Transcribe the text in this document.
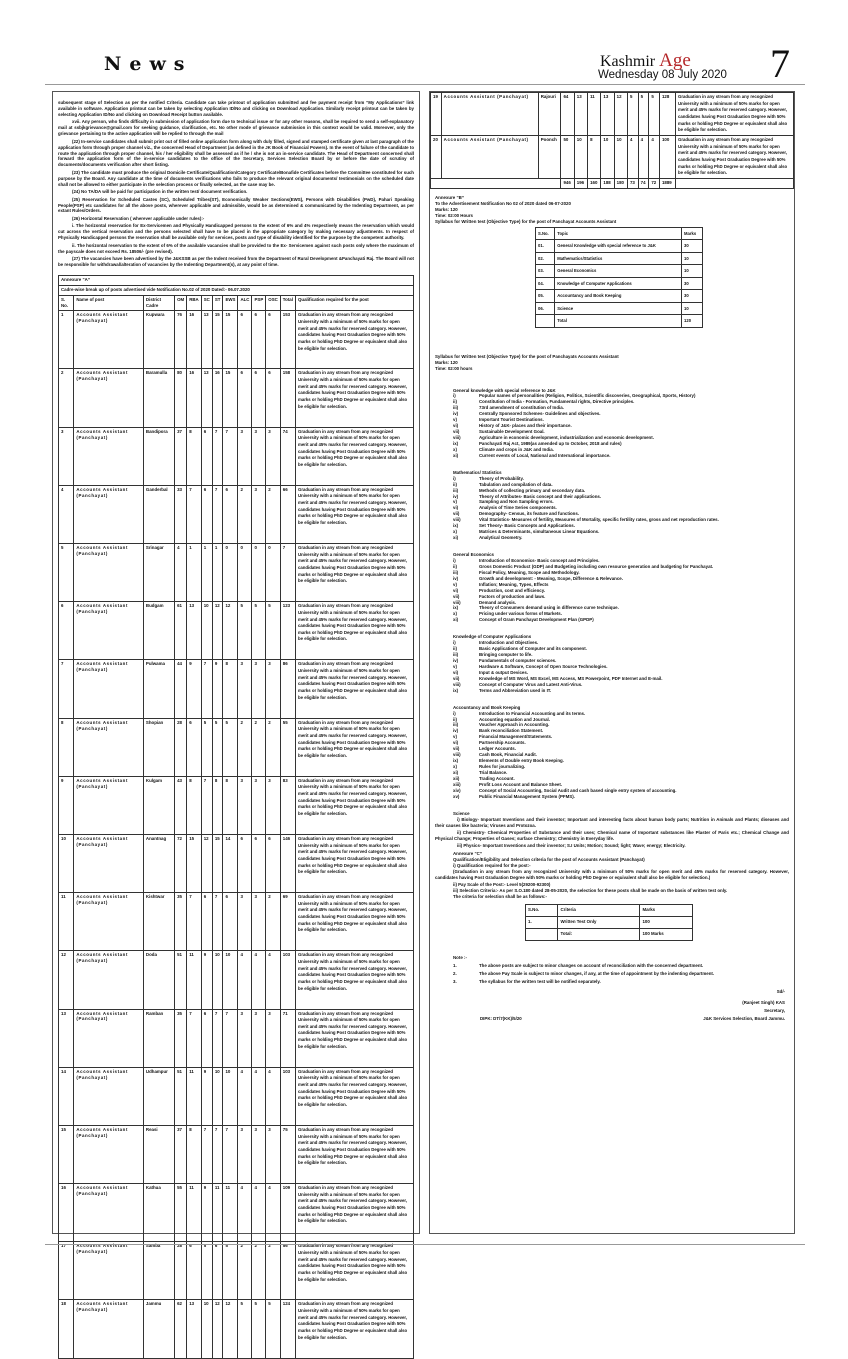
News	Kashmir Age
Wednesday 08 July 2020 7

subsequent stage of Selection as per the notified Criteria. Candidate can take printout of application submitted and fee payment receipt from “My Applications” link available in software. Application printout can be taken by selecting Application ID/No and clicking on Download Application. Similarly receipt printout can be taken by selecting Application ID/No and clicking on Download Receipt button available.

xvii. Any person, who finds difficulty in submission of application form due to technical issue or for any other reasons, shall be required to send a self-explanatory mail at ssbjkgrievance@gmail.com for seeking guidance, clarification, etc. No other mode of grievance submission in this context would be valid. Moreover, only the grievance pertaining to the active application will be replied to through the mail

(22) In-service candidates shall submit print out of filled online application form along with duly filled, signed and stamped certificate given at last paragraph of the application form through proper channel viz., the concerned Head of Department (as defined in the JK Book of Financial Powers). In the event of failure of the candidate to route the application through proper channel, his / her eligibility shall be assessed as if he / she is not an in-service candidate. The Head of Department concerned shall forward the application form of the in-service candidates to the office of the Secretary, Services Selection Board by or before the date of scrutiny of documents/documents verification after short listing.

(23) The candidate must produce the original Domicile Certificate/Qualification/Category Certificate/Bonafide Certificates before the Committee constituted for such purpose by the Board. Any candidate at the time of documents verifications who fails to produce the relevant original documents/ testimonials on the scheduled date shall not be allowed to either participate in the selection process or finally selected, as the case may be.

(24) No TA/DA will be paid for participation in the written test/ document verification.

(25) Reservation for Scheduled Castes (SC), Scheduled Tribes(ST), Economically Weaker Sections(EWS), Persons with Disabilities (PwD), Pahari Speaking People(PSP) etc candidates for all the above posts, wherever applicable and admissible, would be as determined & communicated by the Indenting Department, as per extant Rules/Orders.

(26) Horizontal Reservation ( wherever applicable under rules):-

i. The horizontal reservation for Ex-Servicemen and Physically Handicapped persons to the extent of 6% and 4% respectively means the reservation which would cut across the vertical reservation and the persons selected shall have to be placed in the appropriate category by making necessary adjustments. In respect of Physically Handicapped persons the reservation shall be available only for services, posts and type of disability identified for the purpose by the competent authority.

ii. The horizontal reservation to the extent of 6% of the available vacancies shall be provided to the Ex- Servicemen against such posts only where the maximum of the payscale does not exceed Rs. 18506/- (pre revised).

(27) The vacancies have been advertised by the J&KSSB as per the Indent received from the Department of Rural Development &Panchayati Raj. The Board will not be responsible for withdrawal/alteration of vacancies by the Indenting Department(s), at any point of time.

Annexure “A”												
Cadre-wise break up of posts advertised vide Notification No.02 of 2020 Dated:- 06.07.2020												
S. No.	Name of post	District Cadre	OM	RBA	SC	ST	EWS	ALC	PSP	OSC	Total	Qualification required for the post
1	Accounts Assistant (Panchayat)	Kupwara	76	16	13	15	15	6	6	6	153	Graduation in any stream from any recognized University with a minimum of 50% marks for open merit and 45% marks for reserved category. However, candidates having Post Graduation Degree with 50% marks or holding PhD Degree or equivalent shall also be eligible for selection.
2	Accounts Assistant (Panchayat)	Baramulla	80	16	13	16	15	6	6	6	158	Graduation in any stream from any recognized University with a minimum of 50% marks for open merit and 45% marks for reserved category. However, candidates having Post Graduation Degree with 50% marks or holding PhD Degree or equivalent shall also be eligible for selection.
3	Accounts Assistant (Panchayat)	Bandipora	37	8	6	7	7	3	3	3	74	Graduation in any stream from any recognized University with a minimum of 50% marks for open merit and 45% marks for reserved category. However, candidates having Post Graduation Degree with 50% marks or holding PhD Degree or equivalent shall also be eligible for selection.
4	Accounts Assistant (Panchayat)	Ganderbal	33	7	6	7	6	2	3	2	66	Graduation in any stream from any recognized University with a minimum of 50% marks for open merit and 45% marks for reserved category. However, candidates having Post Graduation Degree with 50% marks or holding PhD Degree or equivalent shall also be eligible for selection.
5	Accounts Assistant (Panchayat)	Srinagar	4	1	1	1	0	0	0	0	7	Graduation in any stream from any recognized University with a minimum of 50% marks for open merit and 45% marks for reserved category. However, candidates having Post Graduation Degree with 50% marks or holding PhD Degree or equivalent shall also be eligible for selection.
6	Accounts Assistant (Panchayat)	Budgam	61	13	10	12	12	5	5	5	123	Graduation in any stream from any recognized University with a minimum of 50% marks for open merit and 45% marks for reserved category. However, candidates having Post Graduation Degree with 50% marks or holding PhD Degree or equivalent shall also be eligible for selection.
7	Accounts Assistant (Panchayat)	Pulwama	44	9	7	9	8	3	3	3	86	Graduation in any stream from any recognized University with a minimum of 50% marks for open merit and 45% marks for reserved category. However, candidates having Post Graduation Degree with 50% marks or holding PhD Degree or equivalent shall also be eligible for selection.
8	Accounts Assistant (Panchayat)	Shopian	28	6	5	5	5	2	2	2	55	Graduation in any stream from any recognized University with a minimum of 50% marks for open merit and 45% marks for reserved category. However, candidates having Post Graduation Degree with 50% marks or holding PhD Degree or equivalent shall also be eligible for selection.
9	Accounts Assistant (Panchayat)	Kulgam	43	8	7	8	8	3	3	3	83	Graduation in any stream from any recognized University with a minimum of 50% marks for open merit and 45% marks for reserved category. However, candidates having Post Graduation Degree with 50% marks or holding PhD Degree or equivalent shall also be eligible for selection.
10	Accounts Assistant (Panchayat)	Anantnag	72	15	12	15	14	6	6	6	146	Graduation in any stream from any recognized University with a minimum of 50% marks for open merit and 45% marks for reserved category. However, candidates having Post Graduation Degree with 50% marks or holding PhD Degree or equivalent shall also be eligible for selection.
11	Accounts Assistant (Panchayat)	Kishtwar	35	7	6	7	6	3	3	2	69	Graduation in any stream from any recognized University with a minimum of 50% marks for open merit and 45% marks for reserved category. However, candidates having Post Graduation Degree with 50% marks or holding PhD Degree or equivalent shall also be eligible for selection.
12	Accounts Assistant (Panchayat)	Doda	51	11	9	10	10	4	4	4	103	Graduation in any stream from any recognized University with a minimum of 50% marks for open merit and 45% marks for reserved category. However, candidates having Post Graduation Degree with 50% marks or holding PhD Degree or equivalent shall also be eligible for selection.
13	Accounts Assistant (Panchayat)	Ramban	35	7	6	7	7	3	3	3	71	Graduation in any stream from any recognized University with a minimum of 50% marks for open merit and 45% marks for reserved category. However, candidates having Post Graduation Degree with 50% marks or holding PhD Degree or equivalent shall also be eligible for selection.
14	Accounts Assistant (Panchayat)	Udhampur	51	11	9	10	10	4	4	4	103	Graduation in any stream from any recognized University with a minimum of 50% marks for open merit and 45% marks for reserved category. However, candidates having Post Graduation Degree with 50% marks or holding PhD Degree or equivalent shall also be eligible for selection.
15	Accounts Assistant (Panchayat)	Reasi	37	8	7	7	7	3	3	3	75	Graduation in any stream from any recognized University with a minimum of 50% marks for open merit and 45% marks for reserved category. However, candidates having Post Graduation Degree with 50% marks or holding PhD Degree or equivalent shall also be eligible for selection.
16	Accounts Assistant (Panchayat)	Kathua	55	11	9	11	11	4	4	4	109	Graduation in any stream from any recognized University with a minimum of 50% marks for open merit and 45% marks for reserved category. However, candidates having Post Graduation Degree with 50% marks or holding PhD Degree or equivalent shall also be eligible for selection.
17	Accounts Assistant (Panchayat)	Samba	28	6	5	6	5	2	2	2	56	Graduation in any stream from any recognized University with a minimum of 50% marks for open merit and 45% marks for reserved category. However, candidates having Post Graduation Degree with 50% marks or holding PhD Degree or equivalent shall also be eligible for selection.
18	Accounts Assistant (Panchayat)	Jammu	62	13	10	12	12	5	5	5	124	Graduation in any stream from any recognized University with a minimum of 50% marks for open merit and 45% marks for reserved category. However, candidates having Post Graduation Degree with 50% marks or holding PhD Degree or equivalent shall also be eligible for selection.
19	Accounts Assistant (Panchayat)	Rajouri	64	13	11	13	12	5	5	5	128	Graduation in any stream from any recognized University with a minimum of 50% marks for open merit and 45% marks for reserved category. However, candidates having Post Graduation Degree with 50% marks or holding PhD Degree or equivalent shall also be eligible for selection.
20	Accounts Assistant (Panchayat)	Poonch	50	10	8	10	10	4	4	4	100	Graduation in any stream from any recognized University with a minimum of 50% marks for open merit and 45% marks for reserved category. However, candidates having Post Graduation Degree with 50% marks or holding PhD Degree or equivalent shall also be eligible for selection.
			946	196	160	188	180	73	74	72	1889	
Annexure “B”
To the Advertisement Notification No 02 of 2020 dated 06-07-2020
Marks: 120
Time: 02:00 Hours
Syllabus for Written test (Objective Type) for the post of Panchayat Accounts Assistant
S.No.	Topic	Marks
01.	General Knowledge with special reference to J&K	30
02.	Mathematics/Statistics	10
03.	General Economics	10
04.	Knowledge of Computer Applications	30
05.	Accountancy and Book Keeping	30
06.	Science	10
	Total	120
Syllabus for Written test (Objective Type) for the post of Panchayats Accounts Assistant
Marks: 120
Time: 02:00 hours
General knowledge with special reference to J&K
i)	Popular names of personalities (Religion, Politics, Scientific discoveries, Geographical, Sports, History)
ii)	Constitution of India - Formation, Fundamental rights, Directive principles.
iii)	73rd amendment of constitution of India.
iv)	Centrally Sponsored Schemes- Guidelines and objectives.
v)	Important Tourist Destinations.
vi)	History of J&K- places and their importance.
vii)	Sustainable Development Goal.
viii)	Agriculture in economic development, industrialization and economic development.
ix)	Panchayati Raj Act, 1989(as amended up to October, 2018 and rules)
x)	Climate and crops in J&K and India.
xi)	Current events of Local, National and International importance.
Mathematics/ Statistics
i)	Theory of Probability.
ii)	Tabulation and compilation of data.
iii)	Methods of collecting primary and secondary data.
iv)	Theory of Attributes- Basic concept and their applications.
v)	Sampling and Non Sampling errors.
vi)	Analysis of Time Series components.
vii)	Demography- Census, its feature and functions.
viii)	Vital Statistics- Measures of fertility, Measures of Mortality, specific fertility rates, gross and net reproduction rates.
ix)	Set Theory- Basic Concepts and Applications.
x)	Matrices & Determinants, simultaneous Linear Equations.
xi)	Analytical Geometry.
General Economics
i)	Introduction of Economics- Basic concept and Principles.
ii)	Gross Domestic Product (GDP) and Budgeting including own resource generation and budgeting for Panchayat.
iii)	Fiscal Policy, Meaning, Scope and Methodology.
iv)	Growth and development: - Meaning, Scope, Difference & Relevance.
v)	Inflation; Meaning, Types, Effects
vi)	Production, cost and efficiency.
vii)	Factors of production and laws.
viii)	Demand analysis.
ix)	Theory of Consumers demand using in difference curve technique.
x)	Pricing under various forms of Markets.
xi)	Concept of Gram Panchayat Development Plan (GPDP)
Knowledge of Computer Applications
i)	Introduction and Objectives.
ii)	Basic Applications of Computer and its component.
iii)	Bringing computer to life.
iv)	Fundamentals of computer sciences.
v)	Hardware & Software, Concept of Open Source Technologies.
vi)	Input & output Devices.
vii)	Knowledge of MS Word, MS Excel, MS Access, MS Powerpoint, PDF Internet and E-mail.
viii)	Concept of Computer Virus and Latest Anti-Virus.
ix)	Terms and Abbreviation used in IT.
Accountancy and Book Keeping
i)	Introduction to Financial Accounting and its terms.
ii)	Accounting equation and Journal.
iii)	Voucher Approach in Accounting.
iv)	Bank reconciliation Statement.
v)	Financial Management/Statements.
vi)	Partnership Accounts.
vii)	Ledger Accounts.
viii)	Cash Book, Financial Audit.
ix)	Elements of Double entry Book Keeping.
x)	Rules for journalizing.
xi)	Trial Balance.
xii)	Trading Account.
xiii)	Profit Loss Account and Balance Sheet.
xiv)	Concept of Social Accounting, Social Audit and cash based single entry system of accounting.
xv)	Public Financial Management System (PFMS).
Science

i) Biology- Important Inventions and their inventor; Important and interesting facts about human body parts; Nutrition in Animals and Plants; diseases and their causes like bacteria; Viruses and Protozoa.

ii) Chemistry- Chemical Properties of Substance and their uses; Chemical name of Important substances like Plaster of Paris etc.; Chemical Change and Physical Change; Properties of Gases; surface Chemistry; Chemistry in Everyday life.

iii) Physics- Important Inventions and their inventor; S.I Units; Motion; Sound; light; Wave; energy; Electricity.

Annexure “C”
Qualification/Eligibility and Selection criteria for the post of Accounts Assistant (Panchayat)
i) Qualification required for the post:-

(Graduation in any stream from any recognized University with a minimum of 50% marks for open merit and 45% marks for reserved category. However, candidates having Post Graduation Degree with 50% marks or holding PhD Degree or equivalent shall also be eligible for selection.)

ii) Pay Scale of the Post:- Level 5(29200-92300)
iii) Selection Criteria:- As per S.O.180 dated 28-05-2020, the selection for these posts shall be made on the basis of written test only.
The criteria for selection shall be as follows:-
S.No.	Criteria	Marks
1.	Written Test Only	100
	Total:	100 Marks
Note :-
1.	The above posts are subject to minor changes on account of reconciliation with the concerned department.
2.	The above Pay Scale is subject to minor changes, if any, at the time of appointment by the indenting department.
3.	The syllabus for the written test will be notified separately.
Sd/-
(Ranjeet Singh) KAS
Secretary,
DIPK: DT/7(KK)/5/20	J&K Services Selection, Board Jammu.
